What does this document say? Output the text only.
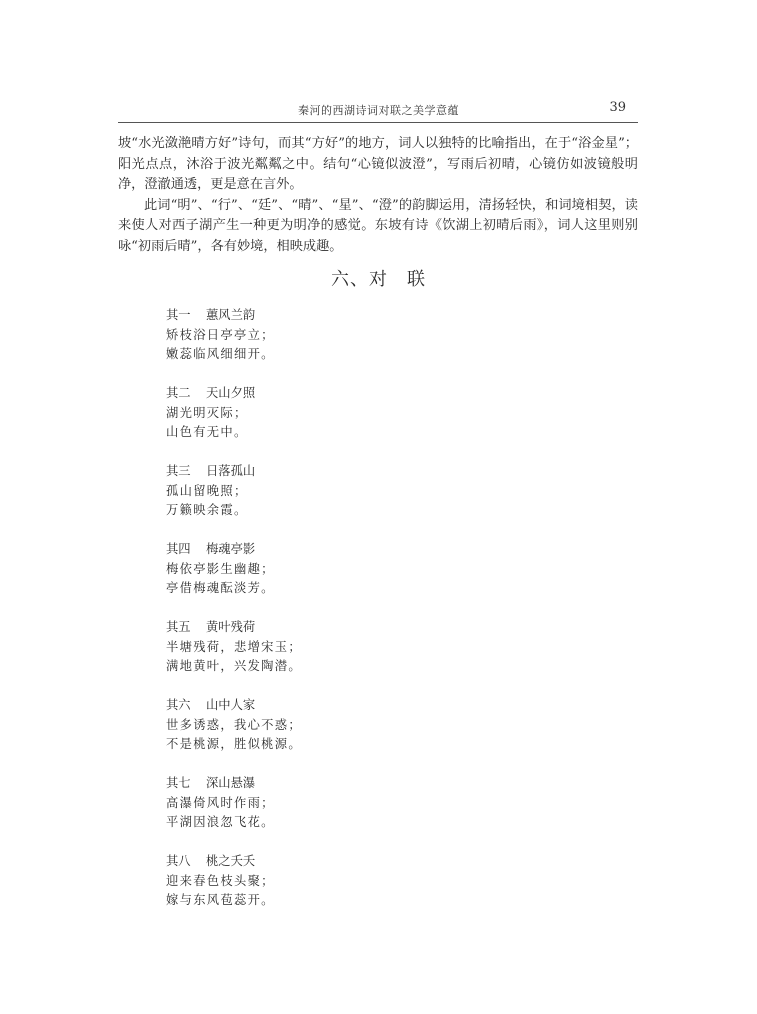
秦河的西湖诗词对联之美学意蕴	39

坡“水光潋滟晴方好”诗句，而其“方好”的地方，词人以独特的比喻指出，在于“浴金星”；阳光点点，沐浴于波光粼粼之中。结句“心镜似波澄”，写雨后初晴，心镜仿如波镜般明净，澄澈通透，更是意在言外。

此词“明”、“行”、“廷”、“晴”、“星”、“澄”的韵脚运用，清扬轻快，和词境相契，读来使人对西子湖产生一种更为明净的感觉。东坡有诗《饮湖上初晴后雨》，词人这里则别咏“初雨后晴”，各有妙境，相映成趣。

六、对　联
其一 蕙风兰韵
矫枝浴日亭亭立；
嫩蕊临风细细开。
其二 天山夕照
湖光明灭际；
山色有无中。
其三 日落孤山
孤山留晚照；
万籁映余霞。
其四 梅魂亭影
梅依亭影生幽趣；
亭借梅魂酝淡芳。
其五 黄叶残荷
半塘残荷，悲增宋玉；
满地黄叶，兴发陶潜。
其六 山中人家
世多诱惑，我心不惑；
不是桃源，胜似桃源。
其七 深山悬瀑
高瀑倚风时作雨；
平湖因浪忽飞花。
其八 桃之夭夭
迎来春色枝头聚；
嫁与东风苞蕊开。
